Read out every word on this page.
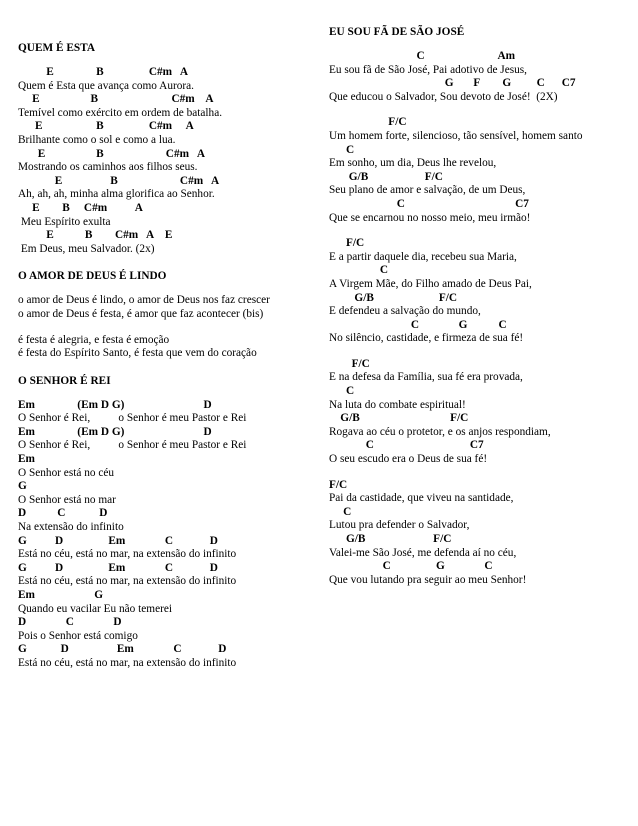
QUEM É ESTA
E               B                C#m   A
Quem é Esta que avança como Aurora.
E                  B                          C#m    A
Temível como exército em ordem de batalha.
E                   B                C#m     A
Brilhante como o sol e como a lua.
E                  B                      C#m   A
Mostrando os caminhos aos filhos seus.
E                 B                      C#m   A
Ah, ah, ah, minha alma glorifica ao Senhor.
E        B     C#m          A
Meu Espírito exulta
E           B        C#m   A    E
Em Deus, meu Salvador. (2x)
O AMOR DE DEUS É LINDO
o amor de Deus é lindo, o amor de Deus nos faz crescer
o amor de Deus é festa, é amor que faz acontecer (bis)
é festa é alegria, e festa é emoção
é festa do Espírito Santo, é festa que vem do coração
O SENHOR É REI
Em               (Em D G)                            D
O Senhor é Rei,          o Senhor é meu Pastor e Rei
Em               (Em D G)                            D
O Senhor é Rei,          o Senhor é meu Pastor e Rei
Em
O Senhor está no céu
G
O Senhor está no mar
D           C            D
Na extensão do infinito
G          D                Em              C             D
Está no céu, está no mar, na extensão do infinito
G          D                Em              C             D
Está no céu, está no mar, na extensão do infinito
Em                     G
Quando eu vacilar Eu não temerei
D              C              D
Pois o Senhor está comigo
G            D                 Em              C             D
Está no céu, está no mar, na extensão do infinito
EU SOU FÃ DE SÃO JOSÉ
C                          Am
Eu sou fã de São José, Pai adotivo de Jesus,
G       F        G         C      C7
Que educou o Salvador, Sou devoto de José!  (2X)
F/C
Um homem forte, silencioso, tão sensível, homem santo
C
Em sonho, um dia, Deus lhe revelou,
G/B                    F/C
Seu plano de amor e salvação, de um Deus,
C                                       C7
Que se encarnou no nosso meio, meu irmão!
F/C
E a partir daquele dia, recebeu sua Maria,
C
A Virgem Mãe, do Filho amado de Deus Pai,
G/B                       F/C
E defendeu a salvação do mundo,
C              G           C
No silêncio, castidade, e firmeza de sua fé!
F/C
E na defesa da Família, sua fé era provada,
C
Na luta do combate espiritual!
G/B                                F/C
Rogava ao céu o protetor, e os anjos respondiam,
C                                  C7
O seu escudo era o Deus de sua fé!
F/C
Pai da castidade, que viveu na santidade,
C
Lutou pra defender o Salvador,
G/B                        F/C
Valei-me São José, me defenda aí no céu,
C                G              C
Que vou lutando pra seguir ao meu Senhor!
